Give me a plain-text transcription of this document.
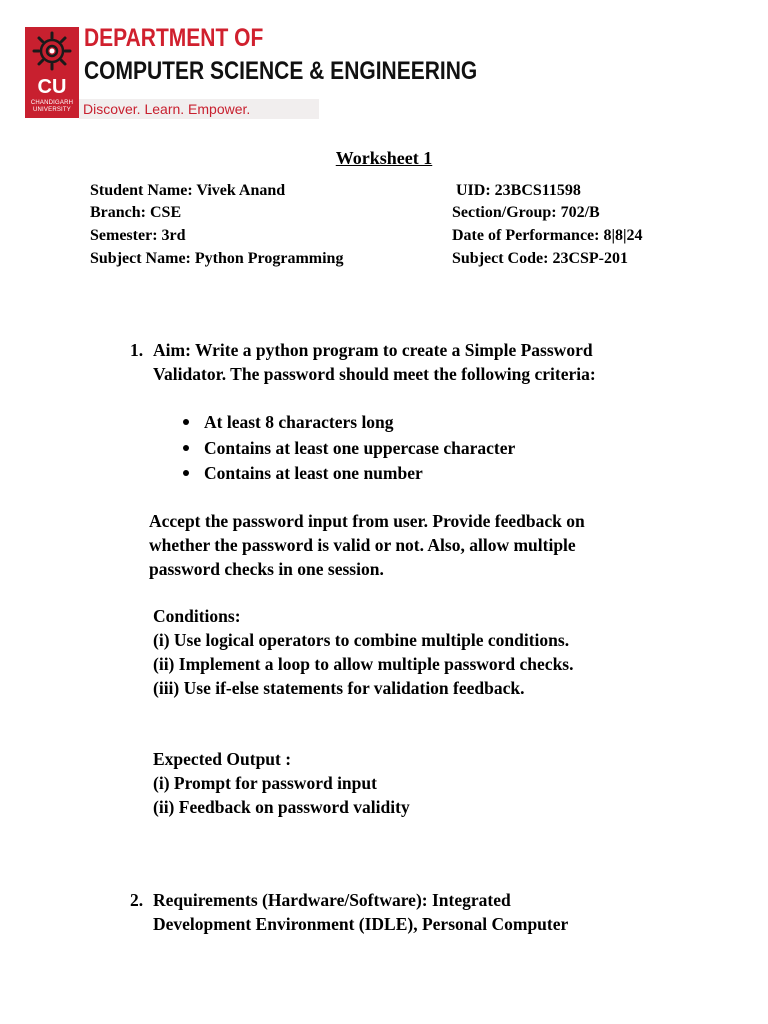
CU
CHANDIGARH UNIVERSITY
DEPARTMENT OF
COMPUTER SCIENCE & ENGINEERING
Discover. Learn. Empower.
Worksheet 1
Student Name: Vivek Anand	UID: 23BCS11598
Branch: CSE	Section/Group: 702/B
Semester: 3rd	Date of Performance: 8|8|24
Subject Name: Python Programming	Subject Code: 23CSP-201
1. Aim: Write a python program to create a Simple Password
Validator. The password should meet the following criteria:
At least 8 characters long
Contains at least one uppercase character
Contains at least one number
Accept the password input from user. Provide feedback on
whether the password is valid or not. Also, allow multiple
password checks in one session.
Conditions:
(i) Use logical operators to combine multiple conditions.
(ii) Implement a loop to allow multiple password checks.
(iii) Use if-else statements for validation feedback.
Expected Output :
(i) Prompt for password input
(ii) Feedback on password validity
2. Requirements (Hardware/Software): Integrated
Development Environment (IDLE), Personal Computer
